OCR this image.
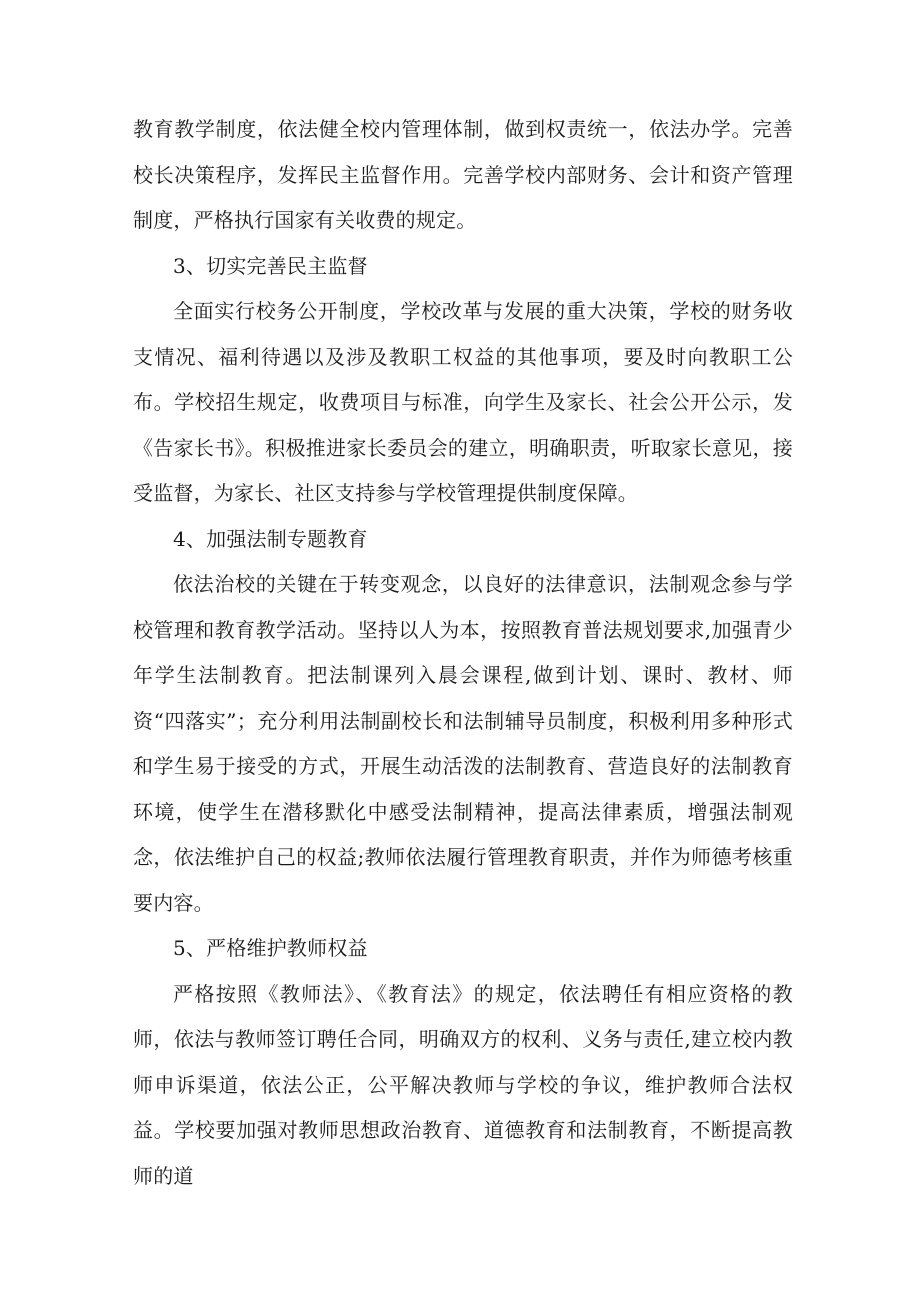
教育教学制度，依法健全校内管理体制，做到权责统一，依法办学。完善校长决策程序，发挥民主监督作用。完善学校内部财务、会计和资产管理制度，严格执行国家有关收费的规定。

3、切实完善民主监督

全面实行校务公开制度，学校改革与发展的重大决策，学校的财务收支情况、福利待遇以及涉及教职工权益的其他事项，要及时向教职工公布。学校招生规定，收费项目与标准，向学生及家长、社会公开公示，发《告家长书》。积极推进家长委员会的建立，明确职责，听取家长意见，接受监督，为家长、社区支持参与学校管理提供制度保障。

4、加强法制专题教育

依法治校的关键在于转变观念，以良好的法律意识，法制观念参与学校管理和教育教学活动。坚持以人为本，按照教育普法规划要求,加强青少年学生法制教育。把法制课列入晨会课程,做到计划、课时、教材、师资“四落实”；充分利用法制副校长和法制辅导员制度，积极利用多种形式和学生易于接受的方式，开展生动活泼的法制教育、营造良好的法制教育环境，使学生在潜移默化中感受法制精神，提高法律素质，增强法制观念，依法维护自己的权益;教师依法履行管理教育职责，并作为师德考核重要内容。

5、严格维护教师权益

严格按照《教师法》、《教育法》的规定，依法聘任有相应资格的教师，依法与教师签订聘任合同，明确双方的权利、义务与责任,建立校内教师申诉渠道，依法公正，公平解决教师与学校的争议，维护教师合法权益。学校要加强对教师思想政治教育、道德教育和法制教育，不断提高教师的道
